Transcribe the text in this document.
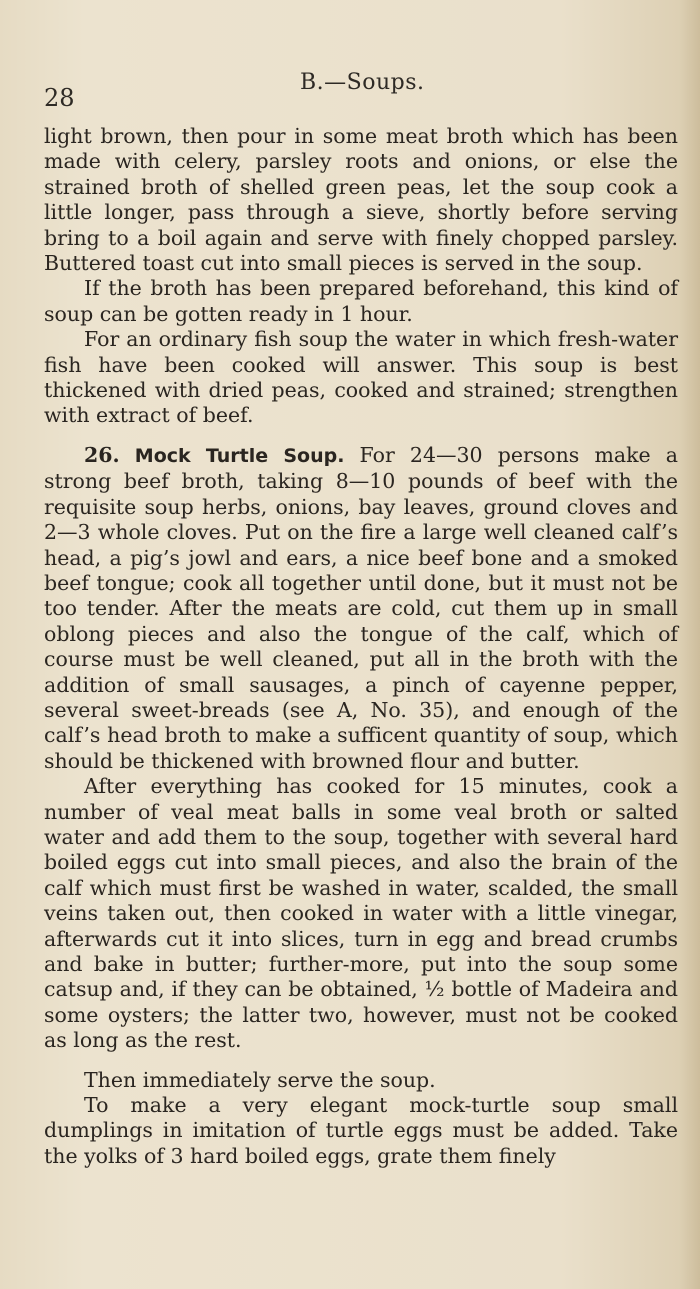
28
B.—Soups.

light brown, then pour in some meat broth which has been made with celery, parsley roots and onions, or else the strained broth of shelled green peas, let the soup cook a little longer, pass through a sieve, shortly before serving bring to a boil again and serve with finely chopped parsley. Buttered toast cut into small pieces is served in the soup.

If the broth has been prepared beforehand, this kind of soup can be gotten ready in 1 hour.

For an ordinary fish soup the water in which fresh-water fish have been cooked will answer. This soup is best thickened with dried peas, cooked and strained; strengthen with extract of beef.

26. Mock Turtle Soup. For 24—30 persons make a strong beef broth, taking 8—10 pounds of beef with the requisite soup herbs, onions, bay leaves, ground cloves and 2—3 whole cloves. Put on the fire a large well cleaned calf’s head, a pig’s jowl and ears, a nice beef bone and a smoked beef tongue; cook all together until done, but it must not be too tender. After the meats are cold, cut them up in small oblong pieces and also the tongue of the calf, which of course must be well cleaned, put all in the broth with the addition of small sausages, a pinch of cayenne pepper, several sweet-breads (see A, No. 35), and enough of the calf’s head broth to make a sufficent quantity of soup, which should be thickened with browned flour and butter.

After everything has cooked for 15 minutes, cook a number of veal meat balls in some veal broth or salted water and add them to the soup, together with several hard boiled eggs cut into small pieces, and also the brain of the calf which must first be washed in water, scalded, the small veins taken out, then cooked in water with a little vinegar, afterwards cut it into slices, turn in egg and bread crumbs and bake in butter; further-more, put into the soup some catsup and, if they can be obtained, ½ bottle of Madeira and some oysters; the latter two, however, must not be cooked as long as the rest.

Then immediately serve the soup.

To make a very elegant mock-turtle soup small dumplings in imitation of turtle eggs must be added. Take the yolks of 3 hard boiled eggs, grate them finely
